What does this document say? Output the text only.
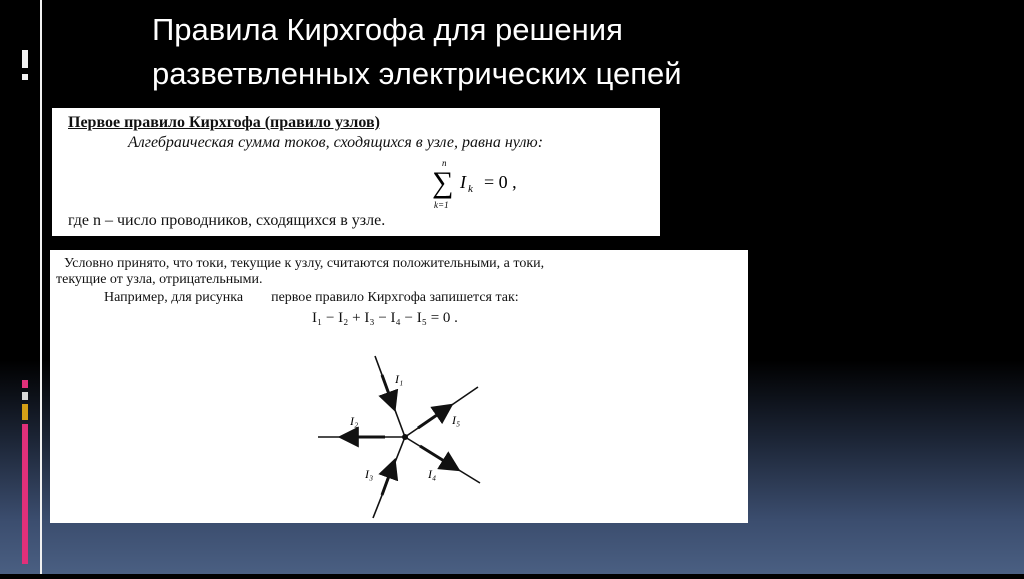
Правила Кирхгофа для решения
разветвленных электрических цепей
Первое правило Кирхгофа (правило узлов)
Алгебраическая сумма токов, сходящихся в узле, равна нулю:
n
∑
k=1
I k = 0 ,
где n – число проводников, сходящихся в узле.
Условно принято, что токи, текущие к узлу, считаются положительными, а токи,
текущие от узла, отрицательными.
Например, для рисунка первое правило Кирхгофа запишется так:
I₁ − I₂ + I₃ − I₄ − I₅ = 0 .
I₁
I₂
I₃	I₄
I₅
